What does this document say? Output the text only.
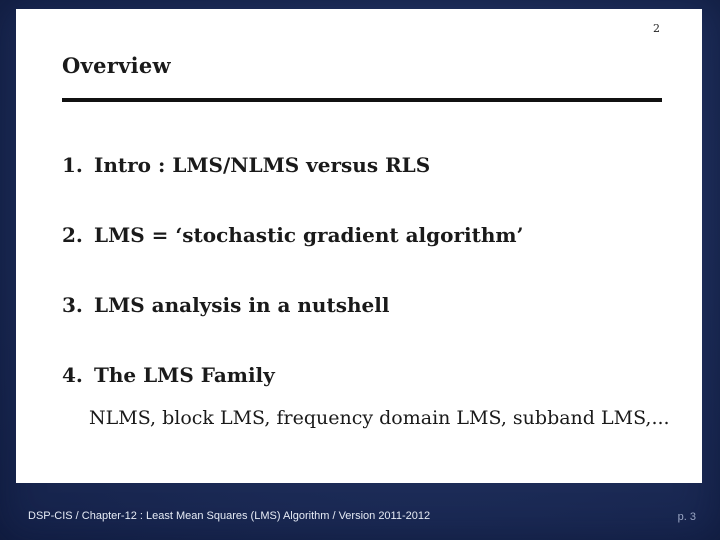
2
Overview
1. Intro : LMS/NLMS versus RLS
2. LMS = ‘stochastic gradient algorithm’
3. LMS analysis in a nutshell
4. The LMS Family
NLMS, block LMS, frequency domain LMS, subband LMS,...
DSP-CIS / Chapter-12 : Least Mean Squares (LMS) Algorithm / Version 2011-2012	p. 3
